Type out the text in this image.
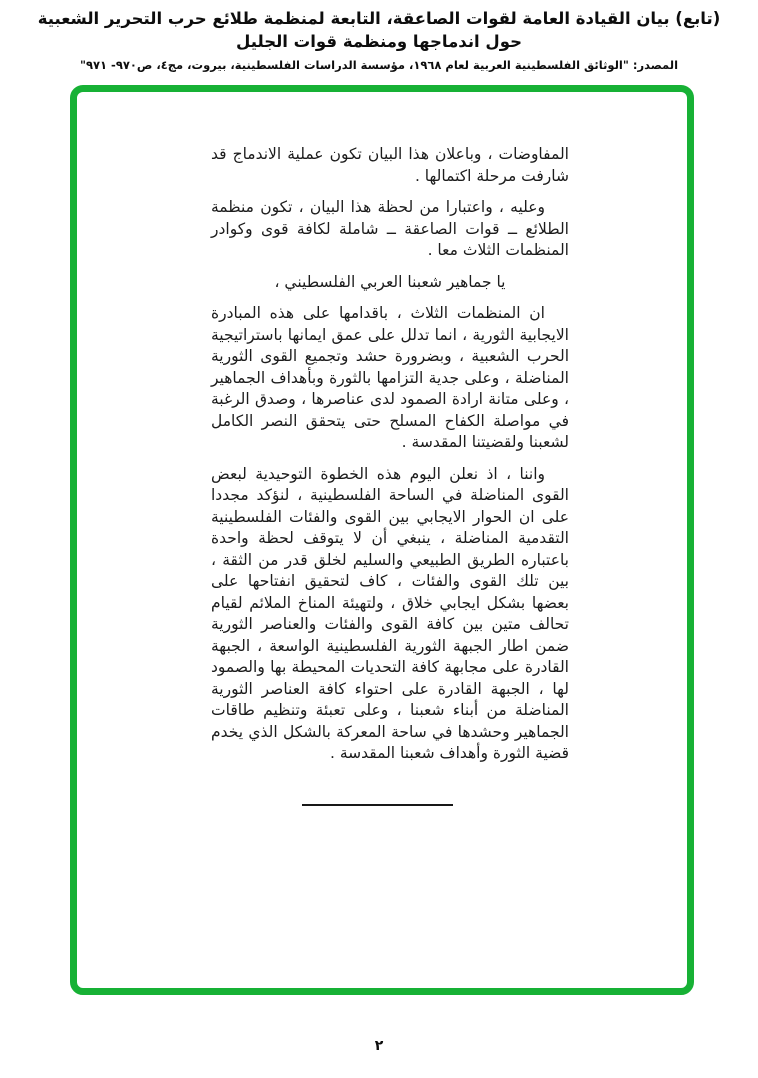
(تابع) بيان القيادة العامة لقوات الصاعقة، التابعة لمنظمة طلائع حرب التحرير الشعبية حول اندماجها ومنظمة قوات الجليل
المصدر: "الوثائق الفلسطينية العربية لعام ١٩٦٨، مؤسسة الدراسات الفلسطينية، بيروت، مج٤، ص٩٧٠- ٩٧١"

المفاوضات ، وباعلان هذا البيان تكون عملية الاندماج قد شارفت مرحلة اكتمالها .

وعليه ، واعتبارا من لحظة هذا البيان ، تكون منظمة الطلائع ــ قوات الصاعقة ــ شاملة لكافة قوى وكوادر المنظمات الثلاث معا .

يا جماهير شعبنا العربي الفلسطيني ،

ان المنظمات الثلاث ، باقدامها على هذه المبادرة الايجابية الثورية ، انما تدلل على عمق ايمانها باستراتيجية الحرب الشعبية ، وبضرورة حشد وتجميع القوى الثورية المناضلة ، وعلى جدية التزامها بالثورة وبأهداف الجماهير ، وعلى متانة ارادة الصمود لدى عناصرها ، وصدق الرغبة في مواصلة الكفاح المسلح حتى يتحقق النصر الكامل لشعبنا ولقضيتنا المقدسة .

واننا ، اذ نعلن اليوم هذه الخطوة التوحيدية لبعض القوى المناضلة في الساحة الفلسطينية ، لنؤكد مجددا على ان الحوار الايجابي بين القوى والفئات الفلسطينية التقدمية المناضلة ، ينبغي أن لا يتوقف لحظة واحدة باعتباره الطريق الطبيعي والسليم لخلق قدر من الثقة ، بين تلك القوى والفئات ، كاف لتحقيق انفتاحها على بعضها بشكل ايجابي خلاق ، ولتهيئة المناخ الملائم لقيام تحالف متين بين كافة القوى والفئات والعناصر الثورية ضمن اطار الجبهة الثورية الفلسطينية الواسعة ، الجبهة القادرة على مجابهة كافة التحديات المحيطة بها والصمود لها ، الجبهة القادرة على احتواء كافة العناصر الثورية المناضلة من أبناء شعبنا ، وعلى تعبئة وتنظيم طاقات الجماهير وحشدها في ساحة المعركة بالشكل الذي يخدم قضية الثورة وأهداف شعبنا المقدسة .

٢
